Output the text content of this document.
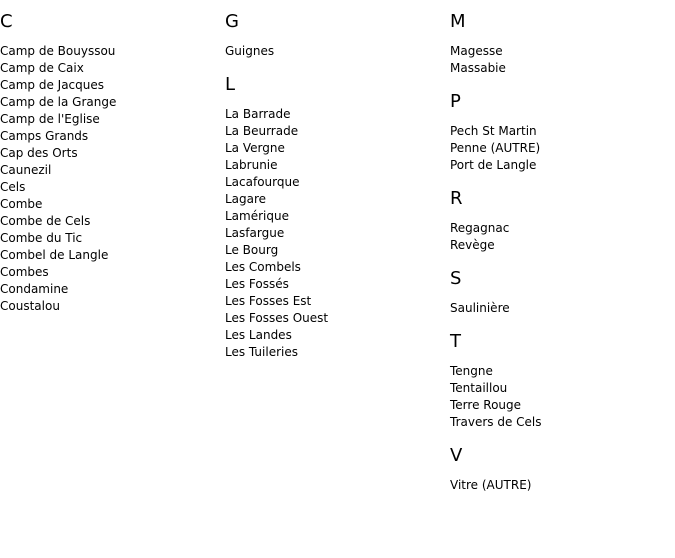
C
Camp de Bouyssou
Camp de Caix
Camp de Jacques
Camp de la Grange
Camp de l'Eglise
Camps Grands
Cap des Orts
Caunezil
Cels
Combe
Combe de Cels
Combe du Tic
Combel de Langle
Combes
Condamine
Coustalou
G
Guignes
L
La Barrade
La Beurrade
La Vergne
Labrunie
Lacafourque
Lagare
Lamérique
Lasfargue
Le Bourg
Les Combels
Les Fossés
Les Fosses Est
Les Fosses Ouest
Les Landes
Les Tuileries
M
Magesse
Massabie
P
Pech St Martin
Penne (AUTRE)
Port de Langle
R
Regagnac
Revège
S
Saulinière
T
Tengne
Tentaillou
Terre Rouge
Travers de Cels
V
Vitre (AUTRE)
